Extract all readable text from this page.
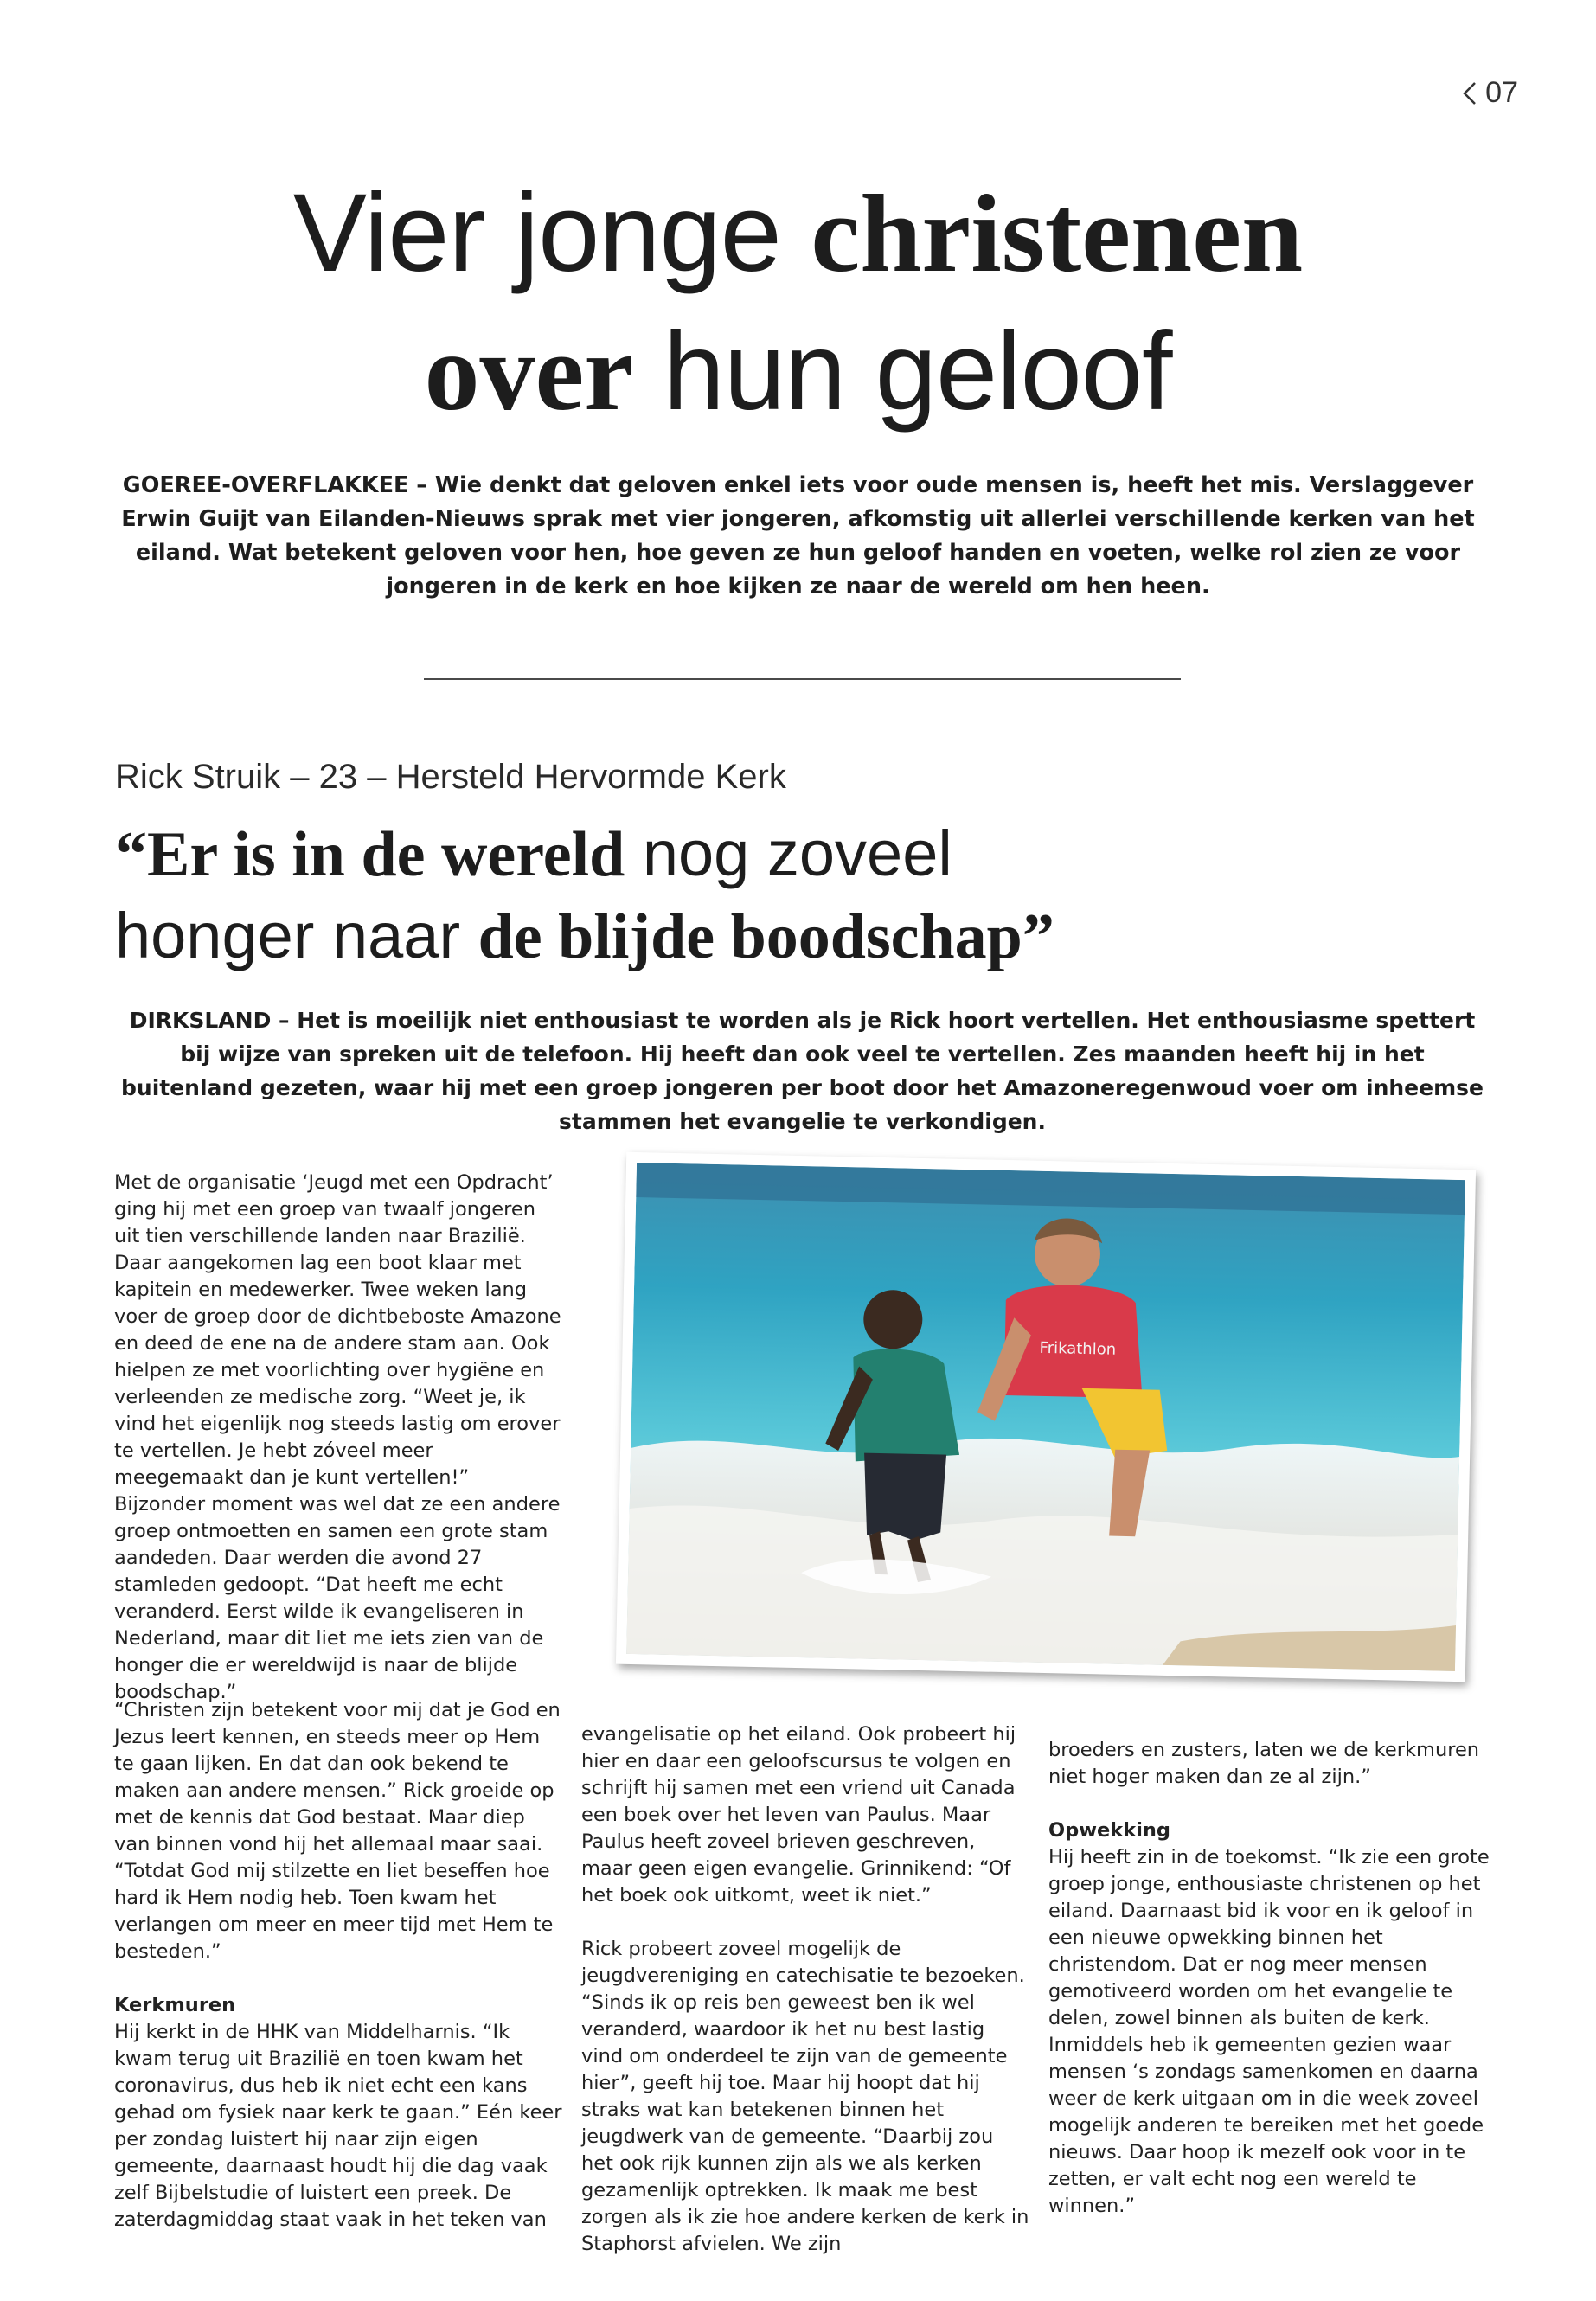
07
Vier jonge christenen
over hun geloof

GOEREE-OVERFLAKKEE – Wie denkt dat geloven enkel iets voor oude mensen is, heeft het mis. Verslaggever Erwin Guijt van Eilanden-Nieuws sprak met vier jongeren, afkomstig uit allerlei verschillende kerken van het eiland. Wat betekent geloven voor hen, hoe geven ze hun geloof handen en voeten, welke rol zien ze voor jongeren in de kerk en hoe kijken ze naar de wereld om hen heen.

Rick Struik – 23 – Hersteld Hervormde Kerk
“Er is in de wereld nog zoveel
honger naar de blijde boodschap”

DIRKSLAND – Het is moeilijk niet enthousiast te worden als je Rick hoort vertellen. Het enthousiasme spettert bij wijze van spreken uit de telefoon. Hij heeft dan ook veel te vertellen. Zes maanden heeft hij in het buitenland gezeten, waar hij met een groep jongeren per boot door het Amazoneregenwoud voer om inheemse stammen het evangelie te verkondigen.

Met de organisatie ‘Jeugd met een Opdracht’ ging hij met een groep van twaalf jongeren uit tien verschillende landen naar Brazilië. Daar aangekomen lag een boot klaar met kapitein en medewerker. Twee weken lang voer de groep door de dichtbeboste Amazone en deed de ene na de andere stam aan. Ook hielpen ze met voorlichting over hygiëne en verleenden ze medische zorg. “Weet je, ik vind het eigenlijk nog steeds lastig om erover te vertellen. Je hebt zóveel meer meegemaakt dan je kunt vertellen!” Bijzonder moment was wel dat ze een andere groep ontmoetten en samen een grote stam aandeden. Daar werden die avond 27 stamleden gedoopt. “Dat heeft me echt veranderd. Eerst wilde ik evangeliseren in Nederland, maar dit liet me iets zien van de honger die er wereldwijd is naar de blijde boodschap.”

“Christen zijn betekent voor mij dat je God en Jezus leert kennen, en steeds meer op Hem te gaan lijken. En dat dan ook bekend te maken aan andere mensen.” Rick groeide op met de kennis dat God bestaat. Maar diep van binnen vond hij het allemaal maar saai. “Totdat God mij stilzette en liet beseffen hoe hard ik Hem nodig heb. Toen kwam het verlangen om meer en meer tijd met Hem te besteden.”

Kerkmuren

Hij kerkt in de HHK van Middelharnis. “Ik kwam terug uit Brazilië en toen kwam het coronavirus, dus heb ik niet echt een kans gehad om fysiek naar kerk te gaan.” Eén keer per zondag luistert hij naar zijn eigen gemeente, daarnaast houdt hij die dag vaak zelf Bijbelstudie of luistert een preek. De zaterdagmiddag staat vaak in het teken van

evangelisatie op het eiland. Ook probeert hij hier en daar een geloofscursus te volgen en schrijft hij samen met een vriend uit Canada een boek over het leven van Paulus. Maar Paulus heeft zoveel brieven geschreven, maar geen eigen evangelie. Grinnikend: “Of het boek ook uitkomt, weet ik niet.”

Rick probeert zoveel mogelijk de jeugdvereniging en catechisatie te bezoeken. “Sinds ik op reis ben geweest ben ik wel veranderd, waardoor ik het nu best lastig vind om onderdeel te zijn van de gemeente hier”, geeft hij toe. Maar hij hoopt dat hij straks wat kan betekenen binnen het jeugdwerk van de gemeente. “Daarbij zou het ook rijk kunnen zijn als we als kerken gezamenlijk optrekken. Ik maak me best zorgen als ik zie hoe andere kerken de kerk in Staphorst afvielen. We zijn

broeders en zusters, laten we de kerkmuren niet hoger maken dan ze al zijn.”

Opwekking

Hij heeft zin in de toekomst. “Ik zie een grote groep jonge, enthousiaste christenen op het eiland. Daarnaast bid ik voor en ik geloof in een nieuwe opwekking binnen het christendom. Dat er nog meer mensen gemotiveerd worden om het evangelie te delen, zowel binnen als buiten de kerk. Inmiddels heb ik gemeenten gezien waar mensen ‘s zondags samenkomen en daarna weer de kerk uitgaan om in die week zoveel mogelijk anderen te bereiken met het goede nieuws. Daar hoop ik mezelf ook voor in te zetten, er valt echt nog een wereld te winnen.”

Frikathlon
